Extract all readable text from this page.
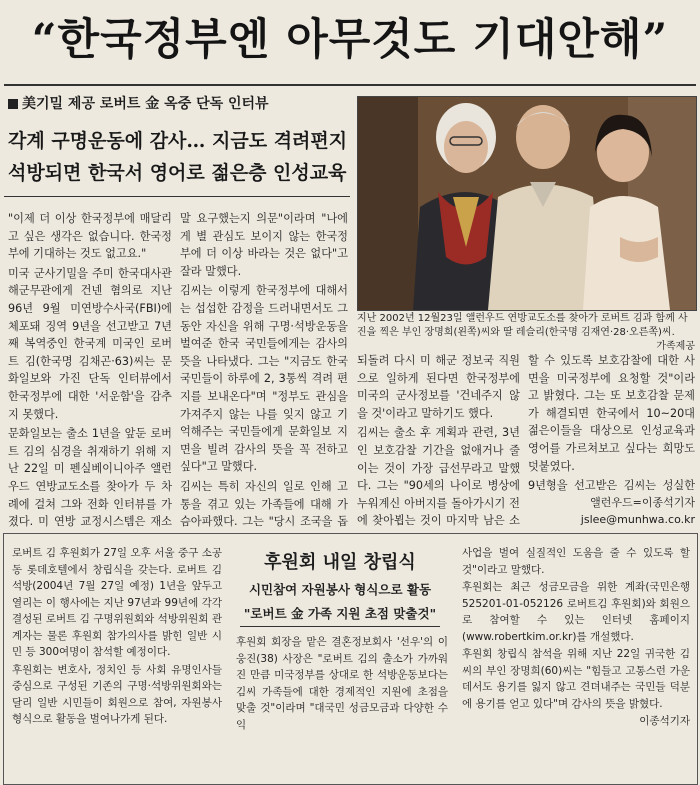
“한국정부엔 아무것도 기대안해”
美기밀 제공 로버트 金 옥중 단독 인터뷰
각계 구명운동에 감사… 지금도 격려편지
석방되면 한국서 영어로 젊은층 인성교육
지난 2002년 12월23일 앨런우드 연방교도소를 찾아가 로버트 김과 함께 사진을 찍은 부인 장명희(왼쪽)씨와 딸 레슬리(한국명 김재연·28·오른쪽)씨.
가족제공

"이제 더 이상 한국정부에 매달리고 싶은 생각은 없습니다. 한국정부에 기대하는 것도 없고요."

미국 군사기밀을 주미 한국대사관 해군무관에게 건넨 혐의로 지난 96년 9월 미연방수사국(FBI)에 체포돼 징역 9년을 선고받고 7년째 복역중인 한국계 미국인 로버트 김(한국명 김채곤·63)씨는 문화일보와 가진 단독 인터뷰에서 한국정부에 대한 '서운함'을 감추지 못했다.

문화일보는 출소 1년을 앞둔 로버트 김의 심경을 취재하기 위해 지난 22일 미 펜실베이니아주 앨런우드 연방교도소를 찾아가 두 차례에 걸쳐 그와 전화 인터뷰를 가졌다. 미 연방 교정시스템은 재소

말 요구했는지 의문"이라며 "나에게 별 관심도 보이지 않는 한국정부에 더 이상 바라는 것은 없다"고 잘라 말했다.

김씨는 이렇게 한국정부에 대해서는 섭섭한 감정을 드러내면서도 그동안 자신을 위해 구명·석방운동을 벌여준 한국 국민들에게는 감사의 뜻을 나타냈다. 그는 "지금도 한국 국민들이 하루에 2, 3통씩 격려 편지를 보내온다"며 "정부도 관심을 가져주지 않는 나를 잊지 않고 기억해주는 국민들에게 문화일보 지면을 빌려 감사의 뜻을 꼭 전하고 싶다"고 말했다.

김씨는 특히 자신의 일로 인해 고통을 겪고 있는 가족들에 대해 가슴아파했다. 그는 "당시 조국을 돕

되돌려 다시 미 해군 정보국 직원으로 일하게 된다면 한국정부에 미국의 군사정보를 '건네주지 않을 것'이라고 말하기도 했다.

김씨는 출소 후 계획과 관련, 3년인 보호감찰 기간을 없애거나 줄이는 것이 가장 급선무라고 말했다. 그는 "90세의 나이로 병상에 누워계신 아버지를 돌아가시기 전에 찾아뵙는 것이 마지막 남은 소

할 수 있도록 보호감찰에 대한 사면을 미국정부에 요청할 것"이라고 밝혔다. 그는 또 보호감찰 문제가 해결되면 한국에서 10~20대 젊은이들을 대상으로 인성교육과 영어를 가르쳐보고 싶다는 희망도 덧붙였다.

9년형을 선고받은 김씨는 성실한

앨런우드=이종석기자
jslee@munhwa.co.kr
후원회 내일 창립식
시민참여 자원봉사 형식으로 활동
"로버트 金 가족 지원 초점 맞출것"

로버트 김 후원회가 27일 오후 서울 중구 소공동 롯데호텔에서 창립식을 갖는다. 로버트 김 석방(2004년 7월 27일 예정) 1년을 앞두고 열리는 이 행사에는 지난 97년과 99년에 각각 결성된 로버트 김 구명위원회와 석방위원회 관계자는 물론 후원회 참가의사를 밝힌 일반 시민 등 300여명이 참석할 예정이다.

후원회는 변호사, 정치인 등 사회 유명인사들 중심으로 구성된 기존의 구명·석방위원회와는 달리 일반 시민들이 회원으로 참여, 자원봉사형식으로 활동을 벌여나가게 된다.

후원회 회장을 맡은 결혼정보회사 '선우'의 이웅진(38) 사장은 "로버트 김의 출소가 가까워진 만큼 미국정부를 상대로 한 석방운동보다는 김씨 가족들에 대한 경제적인 지원에 초점을 맞출 것"이라며 "대국민 성금모금과 다양한 수익

사업을 벌여 실질적인 도움을 줄 수 있도록 할 것"이라고 말했다.

후원회는 최근 성금모금을 위한 계좌(국민은행 525201-01-052126 로버트김 후원회)와 회원으로 참여할 수 있는 인터넷 홈페이지(www.robertkim.or.kr)를 개설했다.

후원회 창립식 참석을 위해 지난 22일 귀국한 김씨의 부인 장명희(60)씨는 "힘들고 고통스런 가운데서도 용기를 잃지 않고 견뎌내주는 국민들 덕분에 용기를 얻고 있다"며 감사의 뜻을 밝혔다.

이종석기자
